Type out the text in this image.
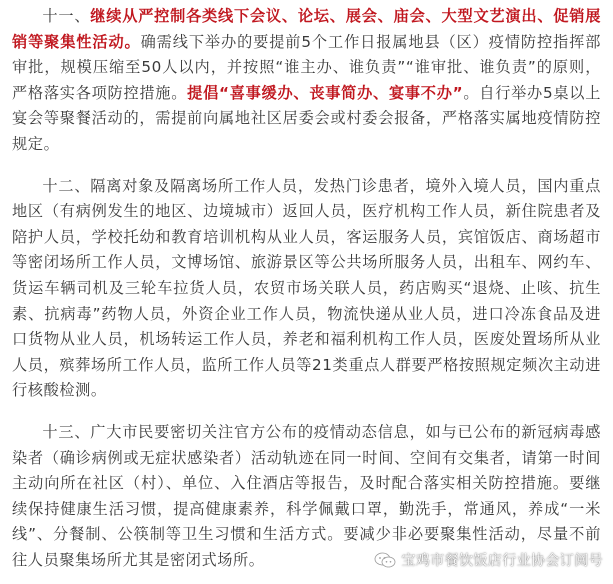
十一、继续从严控制各类线下会议、论坛、展会、庙会、大型文艺演出、促销展销等聚集性活动。确需线下举办的要提前5个工作日报属地县（区）疫情防控指挥部审批，规模压缩至50人以内，并按照“谁主办、谁负责”“谁审批、谁负责”的原则，严格落实各项防控措施。提倡“喜事缓办、丧事简办、宴事不办”。自行举办5桌以上宴会等聚餐活动的，需提前向属地社区居委会或村委会报备，严格落实属地疫情防控规定。

十二、隔离对象及隔离场所工作人员，发热门诊患者，境外入境人员，国内重点地区（有病例发生的地区、边境城市）返回人员，医疗机构工作人员，新住院患者及陪护人员，学校托幼和教育培训机构从业人员，客运服务人员，宾馆饭店、商场超市等密闭场所工作人员，文博场馆、旅游景区等公共场所服务人员，出租车、网约车、货运车辆司机及三轮车拉货人员，农贸市场关联人员，药店购买“退烧、止咳、抗生素、抗病毒”药物人员，外资企业工作人员，物流快递从业人员，进口冷冻食品及进口货物从业人员，机场转运工作人员，养老和福利机构工作人员，医废处置场所从业人员，殡葬场所工作人员，监所工作人员等21类重点人群要严格按照规定频次主动进行核酸检测。

十三、广大市民要密切关注官方公布的疫情动态信息，如与已公布的新冠病毒感染者（确诊病例或无症状感染者）活动轨迹在同一时间、空间有交集者，请第一时间主动向所在社区（村）、单位、入住酒店等报告，及时配合落实相关防控措施。要继续保持健康生活习惯，提高健康素养，科学佩戴口罩，勤洗手，常通风，养成“一米线”、分餐制、公筷制等卫生习惯和生活方式。要减少非必要聚集性活动，尽量不前往人员聚集场所尤其是密闭式场所。	宝鸡市餐饮饭店行业协会订阅号
